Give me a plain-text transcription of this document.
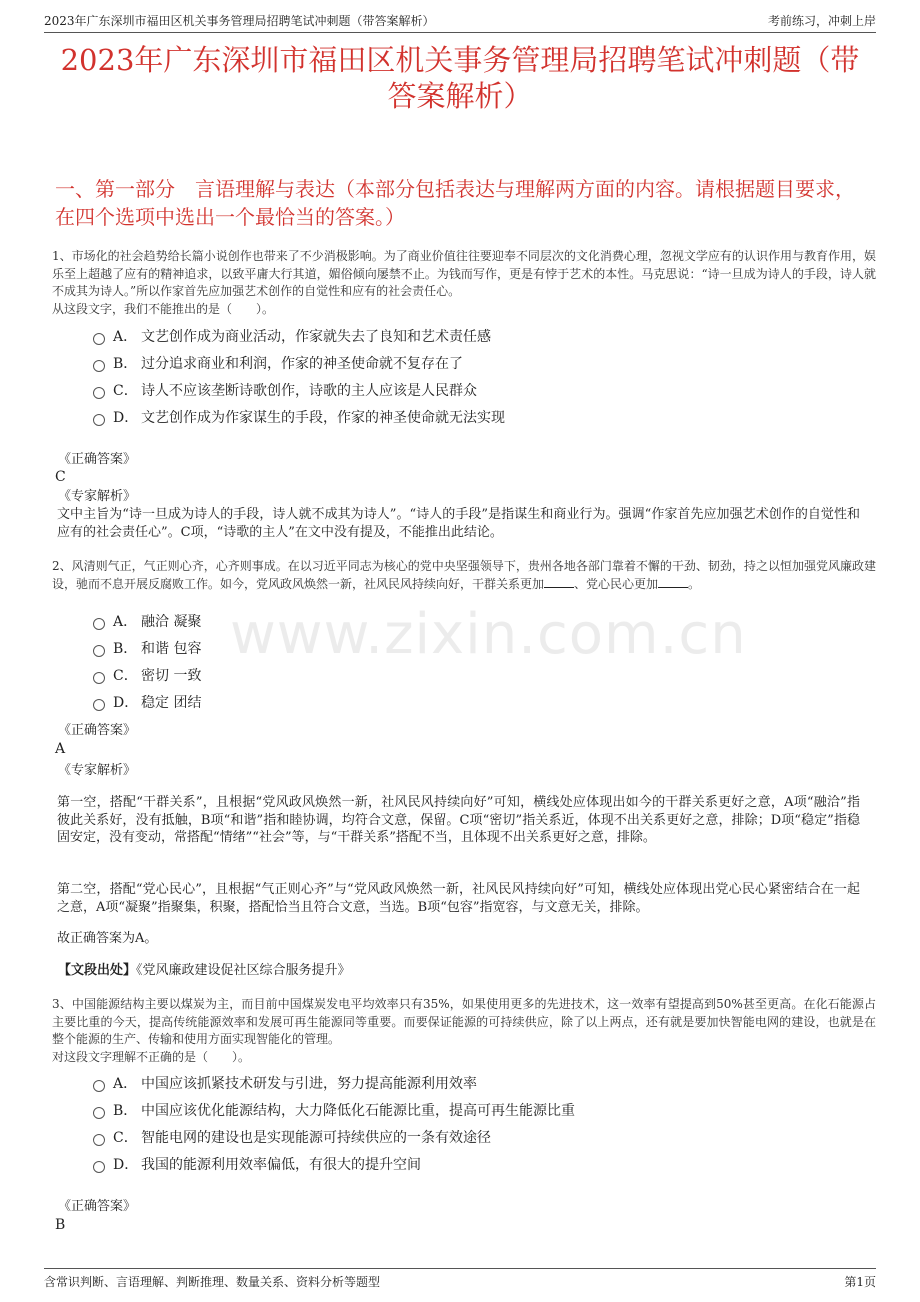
2023年广东深圳市福田区机关事务管理局招聘笔试冲刺题（带答案解析）	考前练习，冲刺上岸
2023年广东深圳市福田区机关事务管理局招聘笔试冲刺题（带答案解析）
一、第一部分　言语理解与表达（本部分包括表达与理解两方面的内容。请根据题目要求，在四个选项中选出一个最恰当的答案。）
www.zixin.com.cn
1、市场化的社会趋势给长篇小说创作也带来了不少消极影响。为了商业价值往往要迎奉不同层次的文化消费心理，忽视文学应有的认识作用与教育作用，娱乐至上超越了应有的精神追求，以致平庸大行其道，媚俗倾向屡禁不止。为钱而写作，更是有悖于艺术的本性。马克思说：“诗一旦成为诗人的手段，诗人就不成其为诗人。”所以作家首先应加强艺术创作的自觉性和应有的社会责任心。
从这段文字，我们不能推出的是（　　）。
A． 文艺创作成为商业活动，作家就失去了良知和艺术责任感
B． 过分追求商业和利润，作家的神圣使命就不复存在了
C． 诗人不应该垄断诗歌创作，诗歌的主人应该是人民群众
D． 文艺创作成为作家谋生的手段，作家的神圣使命就无法实现
《正确答案》
C
《专家解析》
文中主旨为“诗一旦成为诗人的手段，诗人就不成其为诗人”。“诗人的手段”是指谋生和商业行为。强调“作家首先应加强艺术创作的自觉性和应有的社会责任心”。C项，“诗歌的主人”在文中没有提及，不能推出此结论。
2、风清则气正，气正则心齐，心齐则事成。在以习近平同志为核心的党中央坚强领导下，贵州各地各部门靠着不懈的干劲、韧劲，持之以恒加强党风廉政建设，驰而不息开展反腐败工作。如今，党风政风焕然一新，社风民风持续向好，干群关系更加	、党心民心更加	。
A． 融洽 凝聚
B． 和谐 包容
C． 密切 一致
D． 稳定 团结
《正确答案》
A
《专家解析》
第一空，搭配“干群关系”，且根据“党风政风焕然一新，社风民风持续向好”可知，横线处应体现出如今的干群关系更好之意，A项“融洽”指彼此关系好，没有抵触，B项“和谐”指和睦协调，均符合文意，保留。C项“密切”指关系近，体现不出关系更好之意，排除；D项“稳定”指稳固安定，没有变动，常搭配“情绪”“社会”等，与“干群关系”搭配不当，且体现不出关系更好之意，排除。
第二空，搭配“党心民心”，且根据“气正则心齐”与“党风政风焕然一新，社风民风持续向好”可知，横线处应体现出党心民心紧密结合在一起之意，A项“凝聚”指聚集，积聚，搭配恰当且符合文意，当选。B项“包容”指宽容，与文意无关，排除。
故正确答案为A。
【文段出处】《党风廉政建设促社区综合服务提升》
3、中国能源结构主要以煤炭为主，而目前中国煤炭发电平均效率只有35%，如果使用更多的先进技术，这一效率有望提高到50%甚至更高。在化石能源占主要比重的今天，提高传统能源效率和发展可再生能源同等重要。而要保证能源的可持续供应，除了以上两点，还有就是要加快智能电网的建设，也就是在整个能源的生产、传输和使用方面实现智能化的管理。
对这段文字理解不正确的是（　　）。
A． 中国应该抓紧技术研发与引进，努力提高能源利用效率
B． 中国应该优化能源结构，大力降低化石能源比重，提高可再生能源比重
C． 智能电网的建设也是实现能源可持续供应的一条有效途径
D． 我国的能源利用效率偏低，有很大的提升空间
《正确答案》
B
含常识判断、言语理解、判断推理、数量关系、资料分析等题型	第1页
